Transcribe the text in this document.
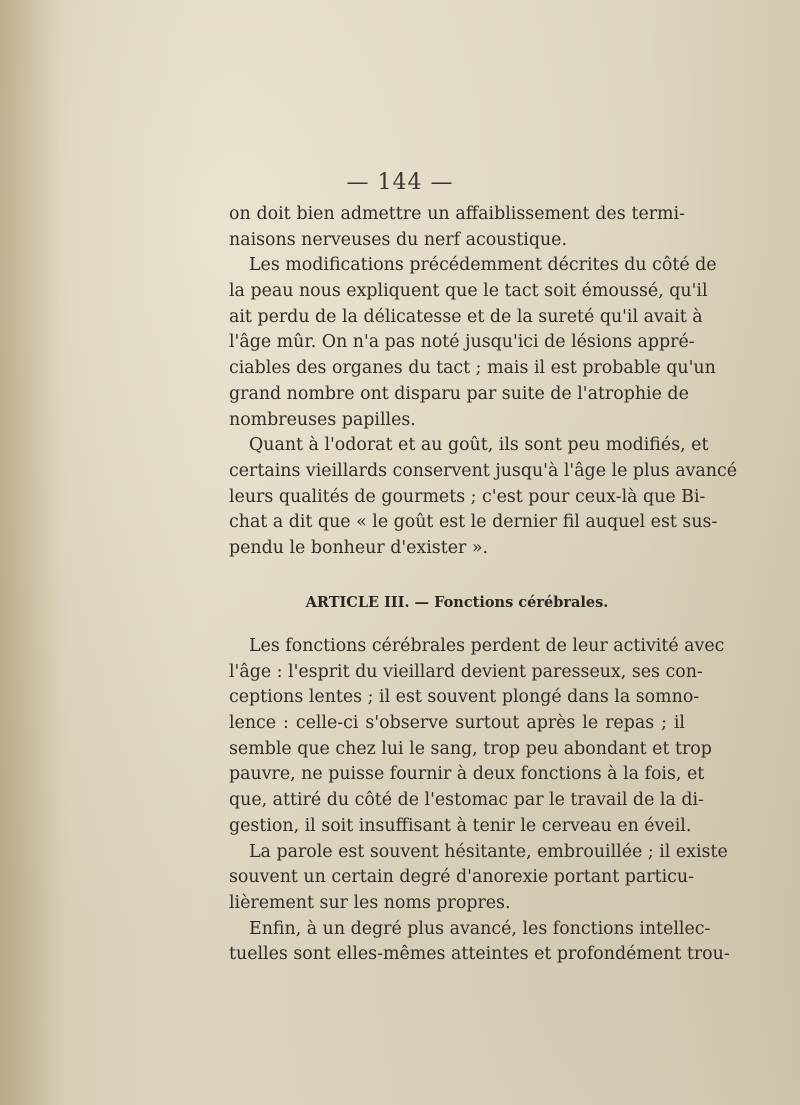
— 144 —
on doit bien admettre un affaiblissement des termi-
naisons nerveuses du nerf acoustique.
Les modifications précédemment décrites du côté de
la peau nous expliquent que le tact soit émoussé, qu'il
ait perdu de la délicatesse et de la sureté qu'il avait à
l'âge mûr. On n'a pas noté jusqu'ici de lésions appré-
ciables des organes du tact ; mais il est probable qu'un
grand nombre ont disparu par suite de l'atrophie de
nombreuses papilles.
Quant à l'odorat et au goût, ils sont peu modifiés, et
certains vieillards conservent jusqu'à l'âge le plus avancé
leurs qualités de gourmets ; c'est pour ceux-là que Bi-
chat a dit que « le goût est le dernier fil auquel est sus-
pendu le bonheur d'exister ».
ARTICLE III. — Fonctions cérébrales.
Les fonctions cérébrales perdent de leur activité avec
l'âge : l'esprit du vieillard devient paresseux, ses con-
ceptions lentes ; il est souvent plongé dans la somno-
lence : celle-ci s'observe surtout après le repas ; il
semble que chez lui le sang, trop peu abondant et trop
pauvre, ne puisse fournir à deux fonctions à la fois, et
que, attiré du côté de l'estomac par le travail de la di-
gestion, il soit insuffisant à tenir le cerveau en éveil.
La parole est souvent hésitante, embrouillée ; il existe
souvent un certain degré d'anorexie portant particu-
lièrement sur les noms propres.
Enfin, à un degré plus avancé, les fonctions intellec-
tuelles sont elles-mêmes atteintes et profondément trou-
